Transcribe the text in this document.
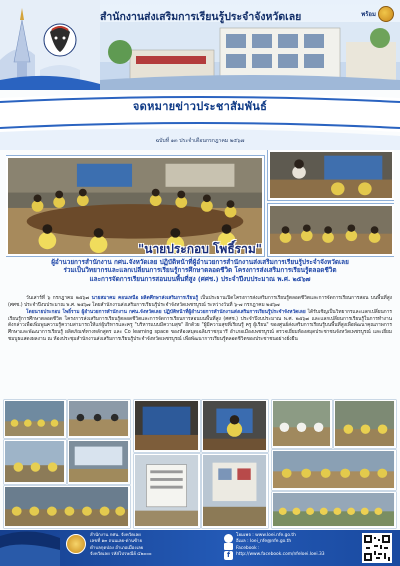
สำนักงานส่งเสริมการเรียนรู้ประจำจังหวัดเลย	พร้อม
จดหมายข่าวประชาสัมพันธ์
ฉบับที่ ๑๓ ประจำเดือนกรกฎาคม ๒๕๖๗
"นายประกอบ โพธิ์ราม"
ผู้อำนวยการสำนักงาน กศน.จังหวัดเลย ปฏิบัติหน้าที่ผู้อำนวยการสำนักงานส่งเสริมการเรียนรู้ประจำจังหวัดเลย
ร่วมเป็นวิทยากรและแลกเปลี่ยนการเรียนรู้การศึกษาตลอดชีวิต โครงการส่งเสริมการเรียนรู้ตลอดชีวิต
และการจัดการเรียนการสอนบนพื้นที่สูง (ศศช.) ประจำปีงบประมาณ พ.ศ. ๒๕๖๗

วันเสาร์ที่ ๖ กรกฎาคม ๒๕๖๗ นายสมาคม คอนเหนือ ผลิตศึกษาส่งเสริมการเรียนรู้ เป็นประธานเปิดโครงการส่งเสริมการเรียนรู้ตลอดชีวิตและการจัดการเรียนการสอน บนพื้นที่สูง (ศศช.) ประจำปีงบประมาณ พ.ศ. ๒๕๖๗ โดยสำนักงานส่งเสริมการเรียนรู้ประจำจังหวัดเพชรบูรณ์ ระหว่างวันที่ ๖-๗ กรกฎาคม ๒๕๖๗

โดยนายประกอบ โพธิ์ราม ผู้อำนวยการสำนักงาน กศน.จังหวัดเลย ปฏิบัติหน้าที่ผู้อำนวยการสำนักงานส่งเสริมการเรียนรู้ประจำจังหวัดเลย ได้รับเชิญเป็นวิทยากรและแลกเปลี่ยนการเรียนรู้การศึกษาตลอดชีวิต โครงการส่งเสริมการเรียนรู้ตลอดชีวิตและการจัดการเรียนการสอนบนพื้นที่สูง (ศศช.) ประจำปีงบประมาณ พ.ศ. ๒๕๖๗ และแลกเปลี่ยนการเรียนรู้ในการทำงาน ดังกล่าวเพื่อเพิ่มพูนความรู้ความสามารถให้แก่ผู้บริหารและครู "บริหารแบบมีความสุข" อีกด้วย "ผู้มีความสุขที่เรียนรู้ ครู ผู้เรียน" ของศูนย์ส่งเสริมการเรียนรู้บนพื้นที่สูงเพื่อพัฒนาคุณภาพการศึกษาและพัฒนาการเรียนรู้ ผลิตภัณฑ์ทางหลักสูตร และ Co learning space ของห้องสมุดเฉลิมราชกุมารี อำเภอเมืองเพชรบูรณ์ ตรวจเยี่ยมห้องสมุดประชาชนจังหวัดเพชรบูรณ์ และเยี่ยมชมบูธแสดงผลงาน ณ ห้องประชุมสำนักงานส่งเสริมการเรียนรู้ประจำจังหวัดเพชรบูรณ์ เพื่อพัฒนาการเรียนรู้ตลอดชีวิตของประชาชนอย่างยั่งยืน

สำนักงาน กศน. จังหวัดเลย
เลขที่ ๑๓ ถนนเลย-ด่านซ้าย
ตำบลกุดป่อง อำเภอเมืองเลย
จังหวัดเลย รหัสไปรษณีย์ ๔๒๐๐๐	f
โฮมเพจ : www.loei.nfe.go.th
อีเมล : loei_nfe@nfe.go.th
Facebook :
http://www.facebook.com/nfeloei.loei.33
